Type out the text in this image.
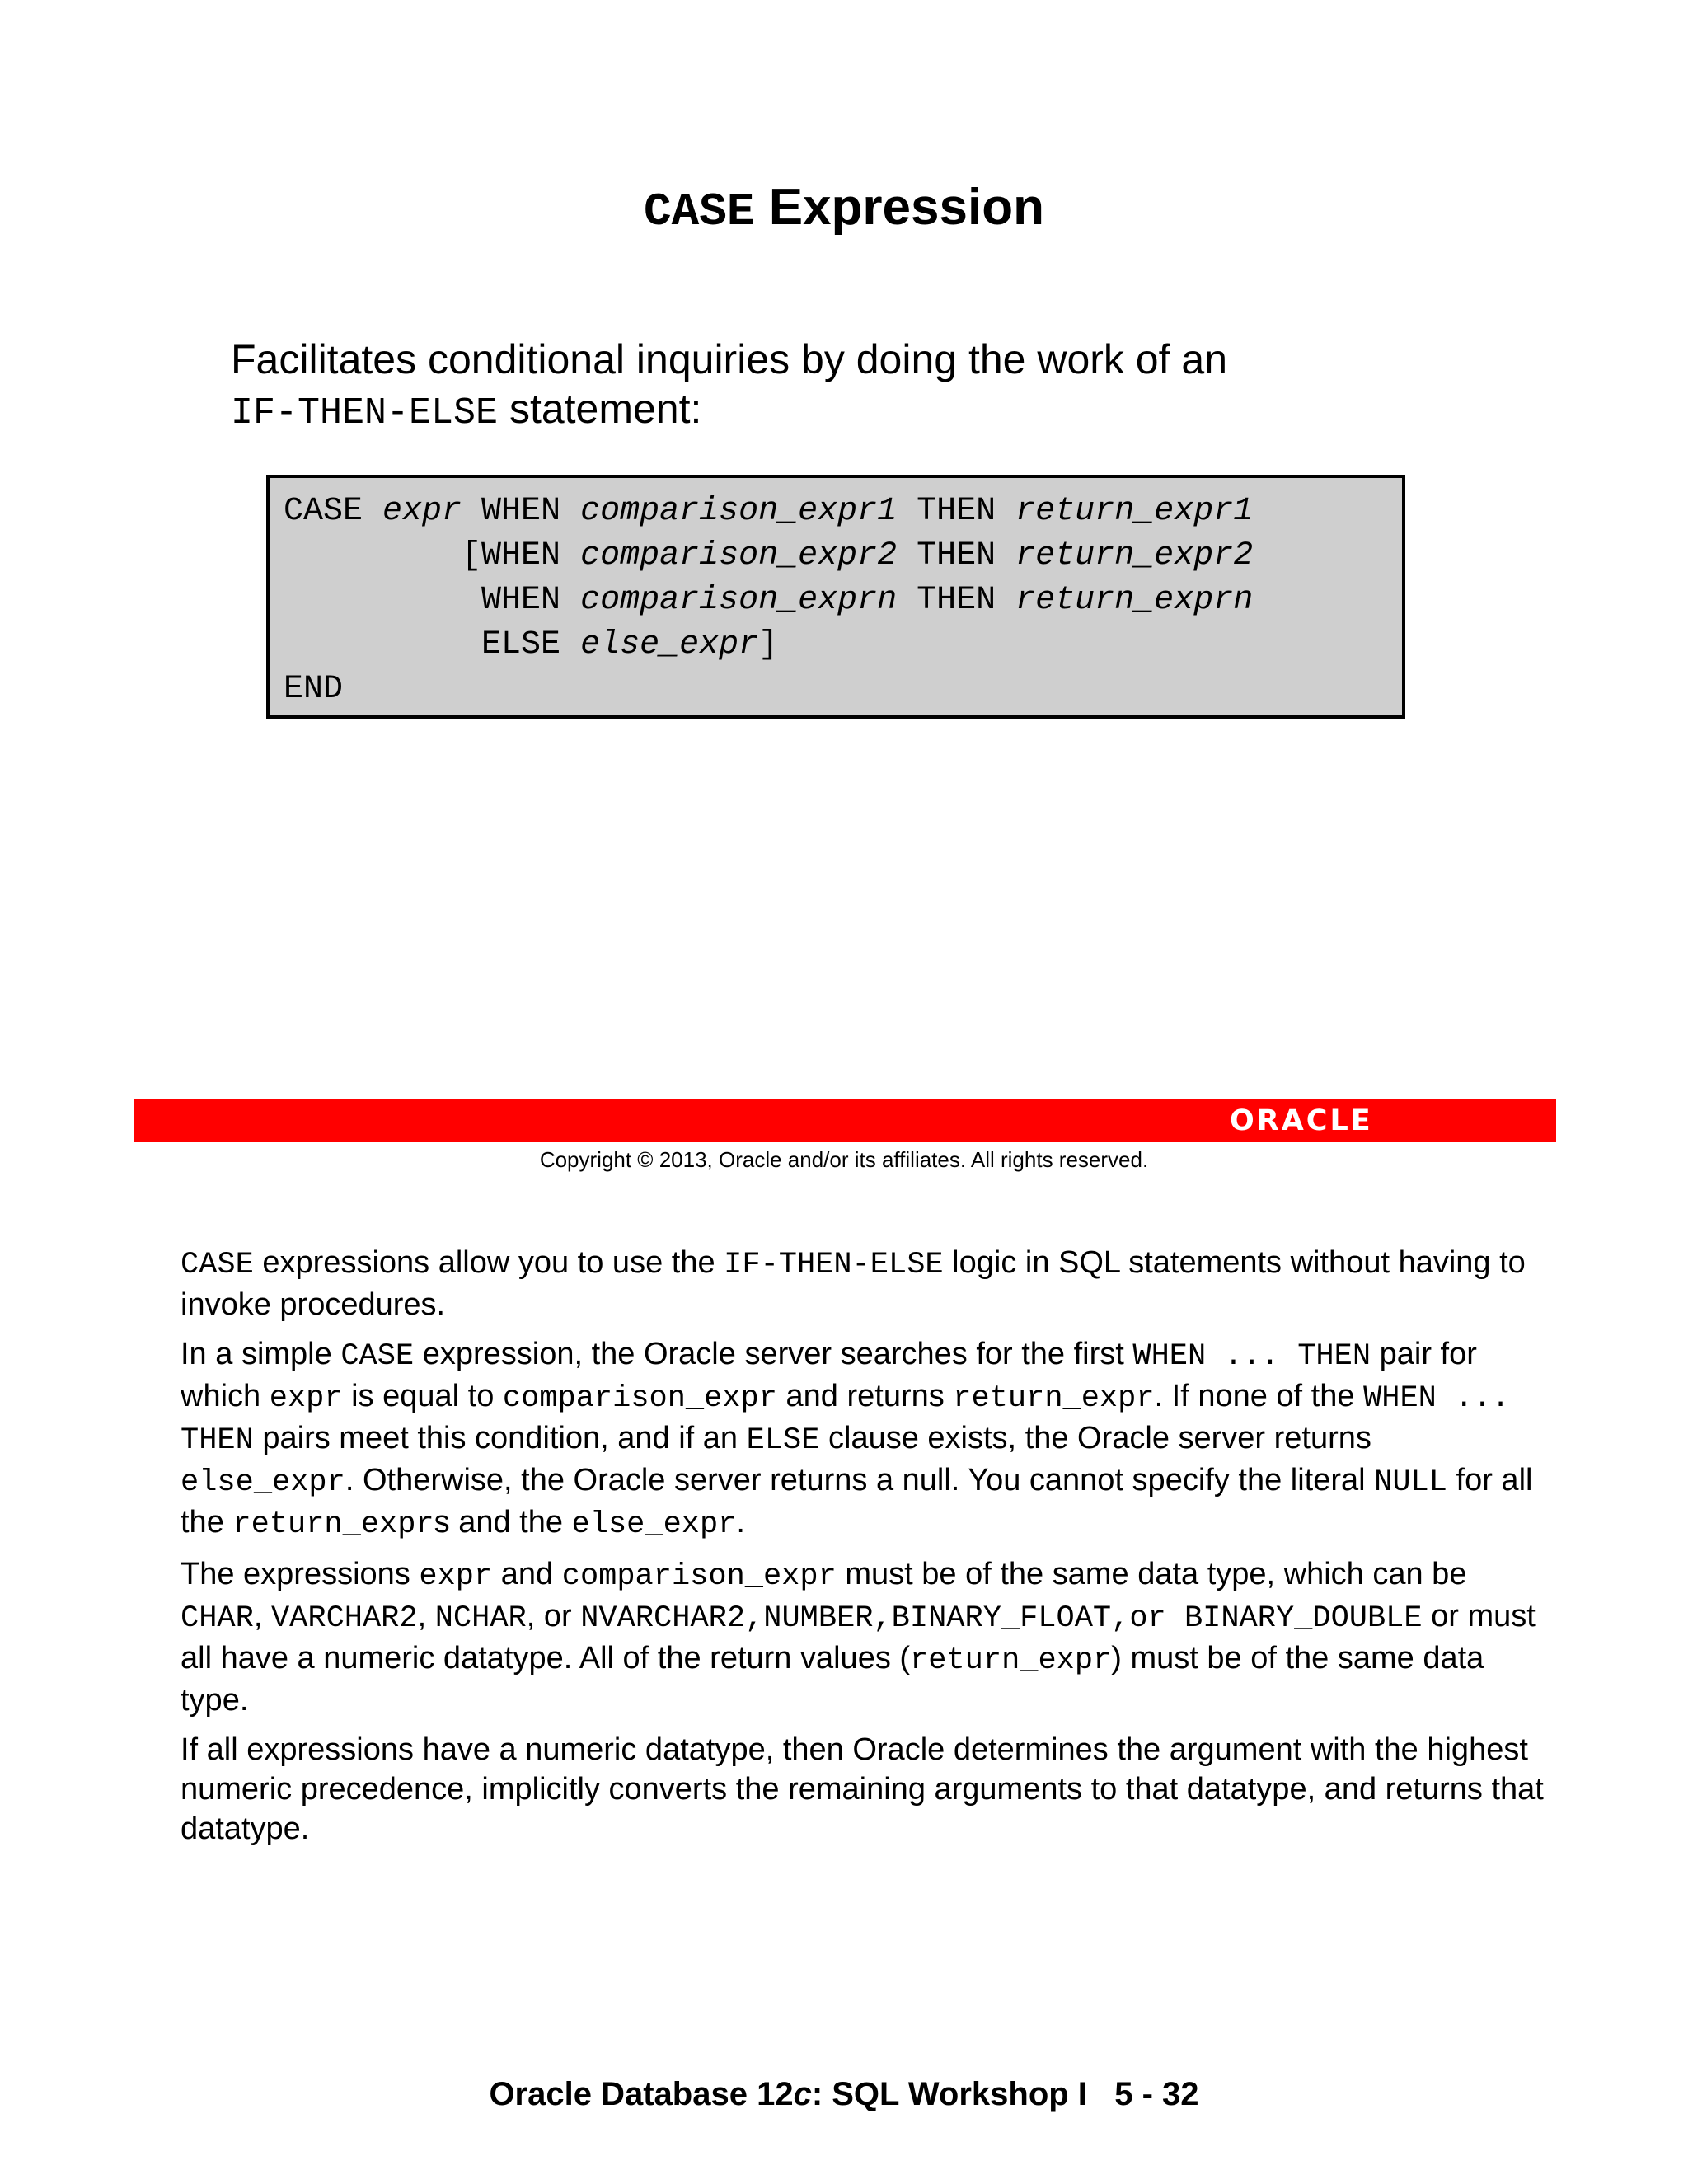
CASE Expression
Facilitates conditional inquiries by doing the work of an
IF-THEN-ELSE statement:
CASE expr WHEN comparison_expr1 THEN return_expr1
[WHEN comparison_expr2 THEN return_expr2
WHEN comparison_exprn THEN return_exprn
ELSE else_expr]
END
ORACLE
Copyright © 2013, Oracle and/or its affiliates. All rights reserved.

CASE expressions allow you to use the IF-THEN-ELSE logic in SQL statements without having to invoke procedures.

In a simple CASE expression, the Oracle server searches for the first WHEN ... THEN pair for which expr is equal to comparison_expr and returns return_expr. If none of the WHEN ... THEN pairs meet this condition, and if an ELSE clause exists, the Oracle server returns else_expr. Otherwise, the Oracle server returns a null. You cannot specify the literal NULL for all the return_exprs and the else_expr.

The expressions expr and comparison_expr must be of the same data type, which can be CHAR, VARCHAR2, NCHAR, or NVARCHAR2,NUMBER,BINARY_FLOAT,or BINARY_DOUBLE or must all have a numeric datatype. All of the return values (return_expr) must be of the same data type.

If all expressions have a numeric datatype, then Oracle determines the argument with the highest numeric precedence, implicitly converts the remaining arguments to that datatype, and returns that datatype.

Oracle Database 12c: SQL Workshop I   5 - 32
